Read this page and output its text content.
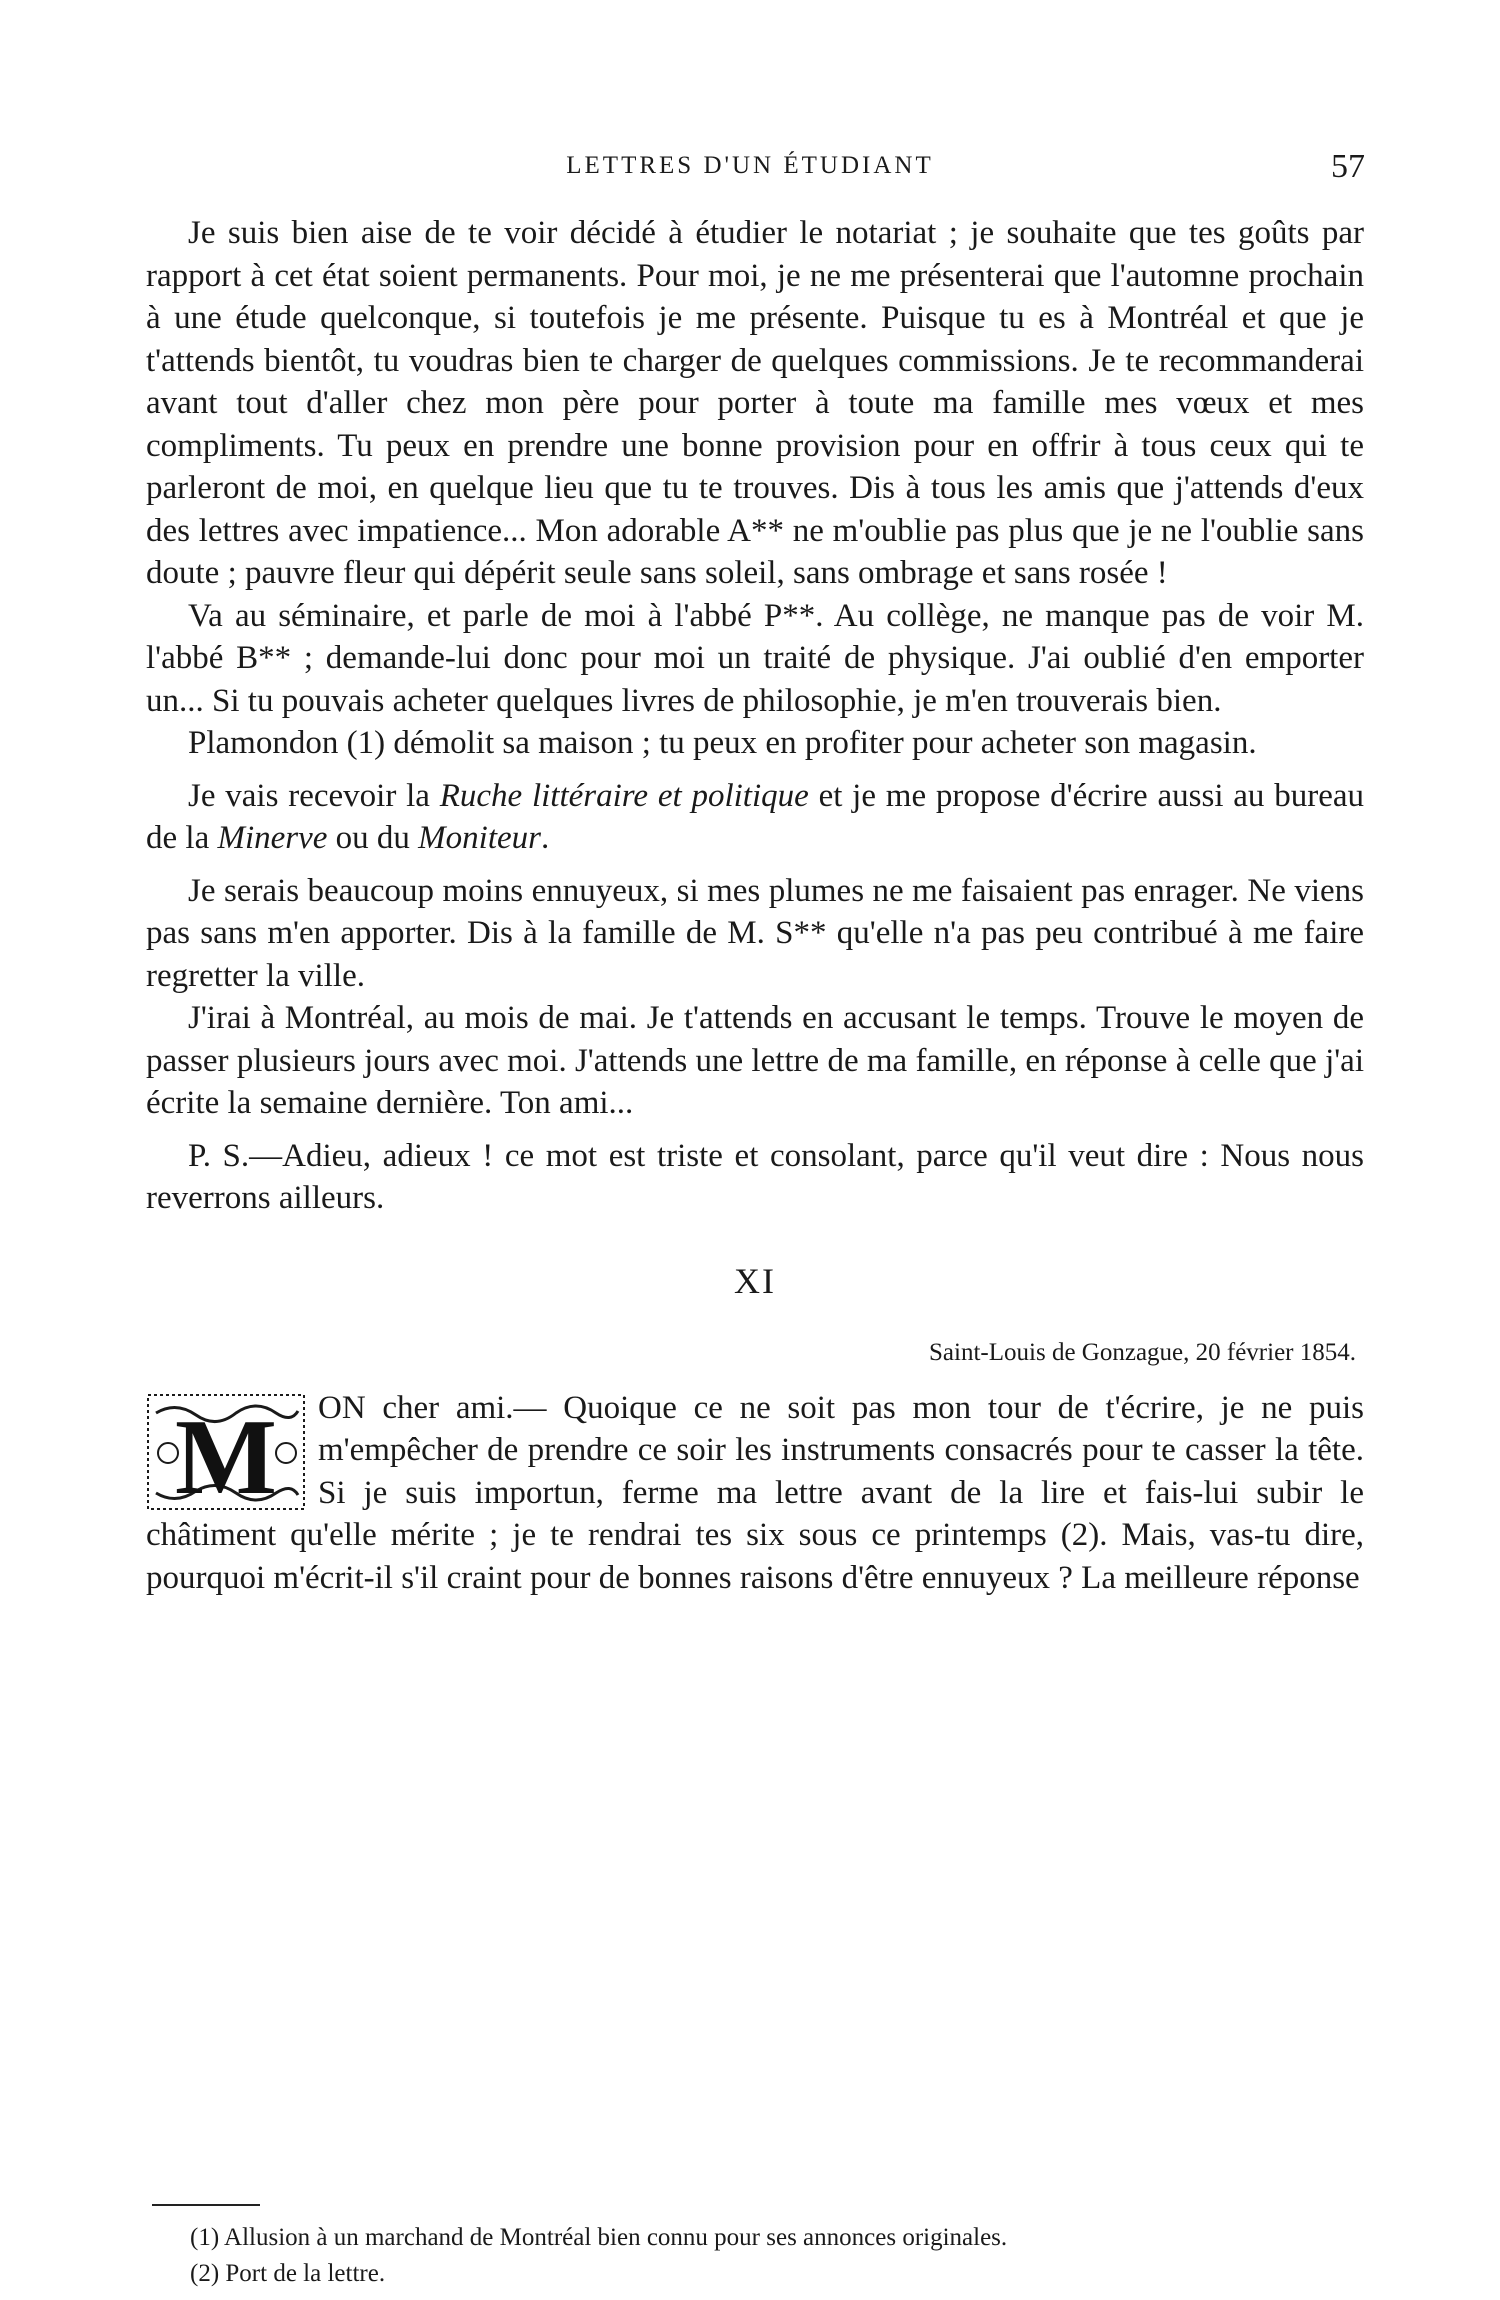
LETTRES D'UN ÉTUDIANT	57

Je suis bien aise de te voir décidé à étudier le notariat ; je souhaite que tes goûts par rapport à cet état soient permanents. Pour moi, je ne me présenterai que l'automne prochain à une étude quelconque, si toutefois je me présente. Puisque tu es à Montréal et que je t'attends bientôt, tu voudras bien te charger de quelques commissions. Je te recommanderai avant tout d'aller chez mon père pour porter à toute ma famille mes vœux et mes compliments. Tu peux en prendre une bonne provision pour en offrir à tous ceux qui te parleront de moi, en quelque lieu que tu te trouves. Dis à tous les amis que j'attends d'eux des lettres avec impatience... Mon adorable A** ne m'oublie pas plus que je ne l'oublie sans doute ; pauvre fleur qui dépérit seule sans soleil, sans ombrage et sans rosée !

Va au séminaire, et parle de moi à l'abbé P**. Au collège, ne manque pas de voir M. l'abbé B** ; demande-lui donc pour moi un traité de physique. J'ai oublié d'en emporter un... Si tu pouvais acheter quelques livres de philosophie, je m'en trouverais bien.

Plamondon (1) démolit sa maison ; tu peux en profiter pour acheter son magasin.

Je vais recevoir la Ruche littéraire et politique et je me propose d'écrire aussi au bureau de la Minerve ou du Moniteur.

Je serais beaucoup moins ennuyeux, si mes plumes ne me faisaient pas enrager. Ne viens pas sans m'en apporter. Dis à la famille de M. S** qu'elle n'a pas peu contribué à me faire regretter la ville.

J'irai à Montréal, au mois de mai. Je t'attends en accusant le temps. Trouve le moyen de passer plusieurs jours avec moi. J'attends une lettre de ma famille, en réponse à celle que j'ai écrite la semaine dernière. Ton ami...

P. S.—Adieu, adieux ! ce mot est triste et consolant, parce qu'il veut dire : Nous nous reverrons ailleurs.

XI
Saint-Louis de Gonzague, 20 février 1854.

M ON cher ami.— Quoique ce ne soit pas mon tour de t'écrire, je ne puis m'empêcher de prendre ce soir les instruments consacrés pour te casser la tête. Si je suis importun, ferme ma lettre avant de la lire et fais-lui subir le châtiment qu'elle mérite ; je te rendrai tes six sous ce printemps (2). Mais, vas-tu dire, pourquoi m'écrit-il s'il craint pour de bonnes raisons d'être ennuyeux ? La meilleure réponse

(1) Allusion à un marchand de Montréal bien connu pour ses annonces originales.
(2) Port de la lettre.
